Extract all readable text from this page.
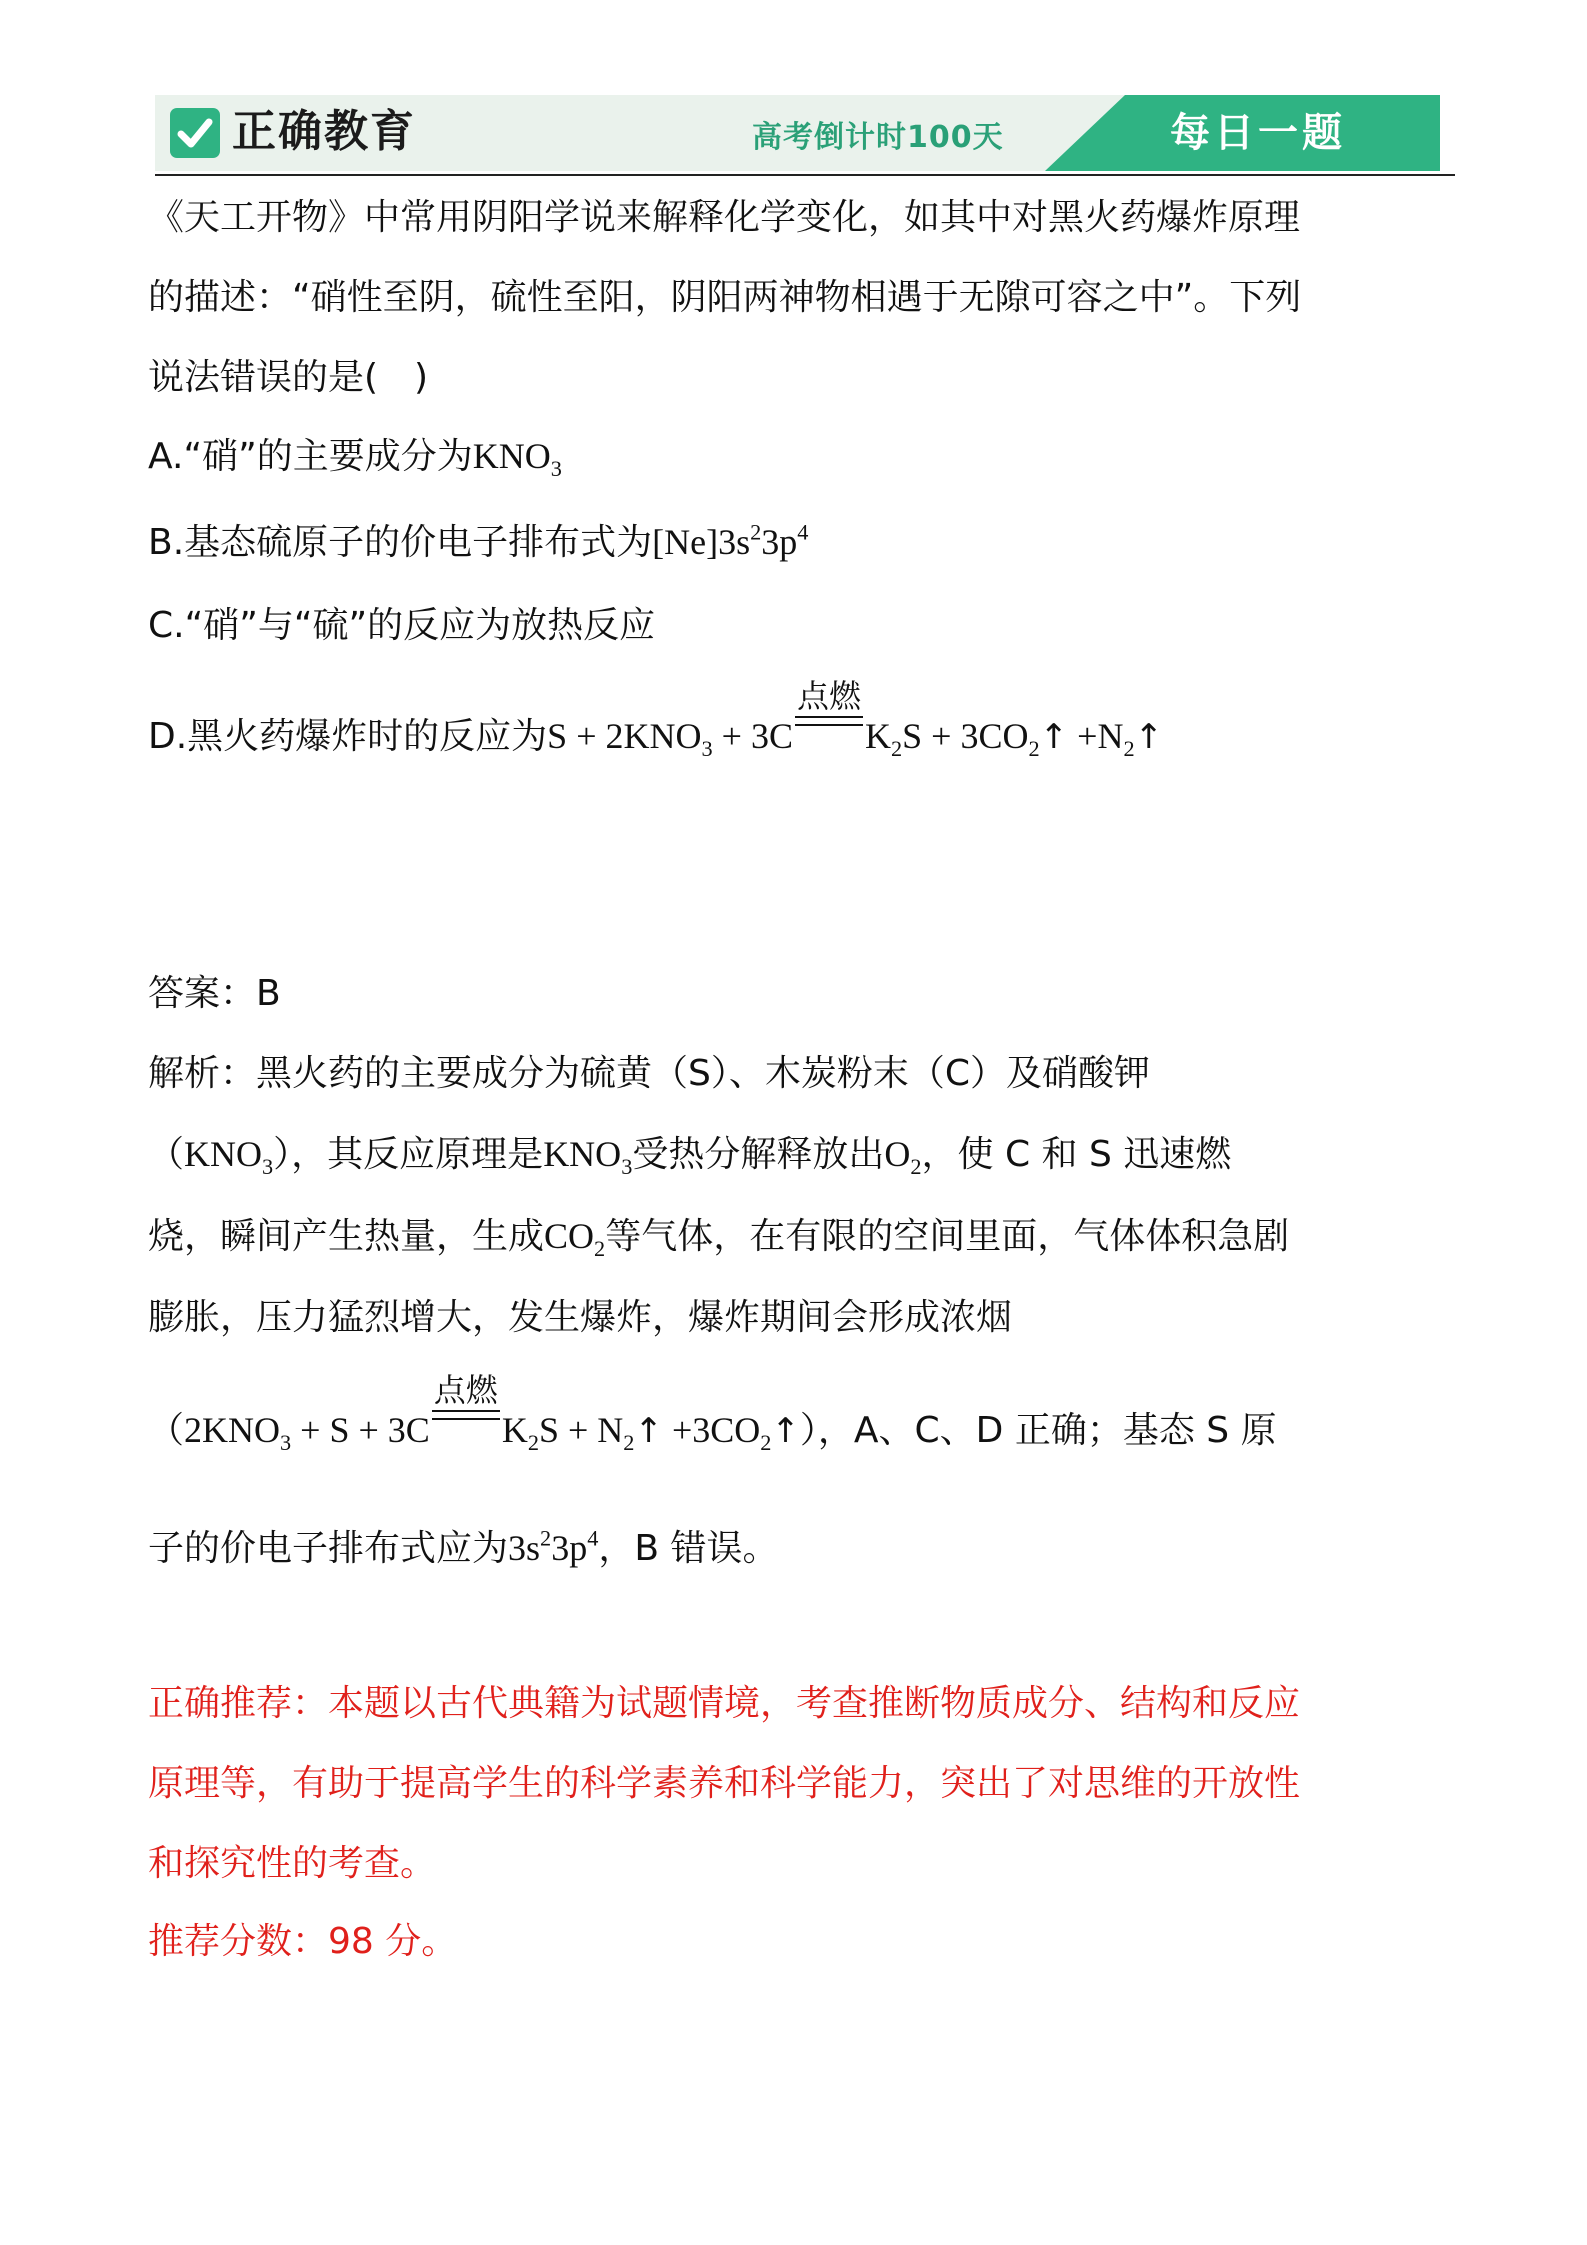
正确教育	高考倒计时100天	每日一题
《天工开物》中常用阴阳学说来解释化学变化，如其中对黑火药爆炸原理
的描述：“硝性至阴，硫性至阳，阴阳两神物相遇于无隙可容之中”。下列
说法错误的是(　)
A.“硝”的主要成分为$KNO_3$
B.基态硫原子的价电子排布式为$[Ne]3s^23p^4$
C.“硝”与“硫”的反应为放热反应
D.黑火药爆炸时的反应为$S + 2KNO_3 + 3C$
点燃
$K_2S$ + $3CO_2↑$ $+N_2↑$
答案：B
解析：黑火药的主要成分为硫黄（S）、木炭粉末（C）及硝酸钾
$(KNO_3)$，其反应原理是$KNO_3$受热分解释放出$O_2$，使 C 和 S 迅速燃
烧，瞬间产生热量，生成$CO_2$等气体，在有限的空间里面，气体体积急剧
膨胀，压力猛烈增大，发生爆炸，爆炸期间会形成浓烟
（$2KNO_3 + S + 3C$
点燃
$K_2S$ + $N_2↑$ $+3CO_2↑$），A、C、D 正确；基态 S 原
子的价电子排布式应为$3s^23p^4$，B 错误。
正确推荐：本题以古代典籍为试题情境，考查推断物质成分、结构和反应
原理等，有助于提高学生的科学素养和科学能力，突出了对思维的开放性
和探究性的考查。
推荐分数：98 分。
